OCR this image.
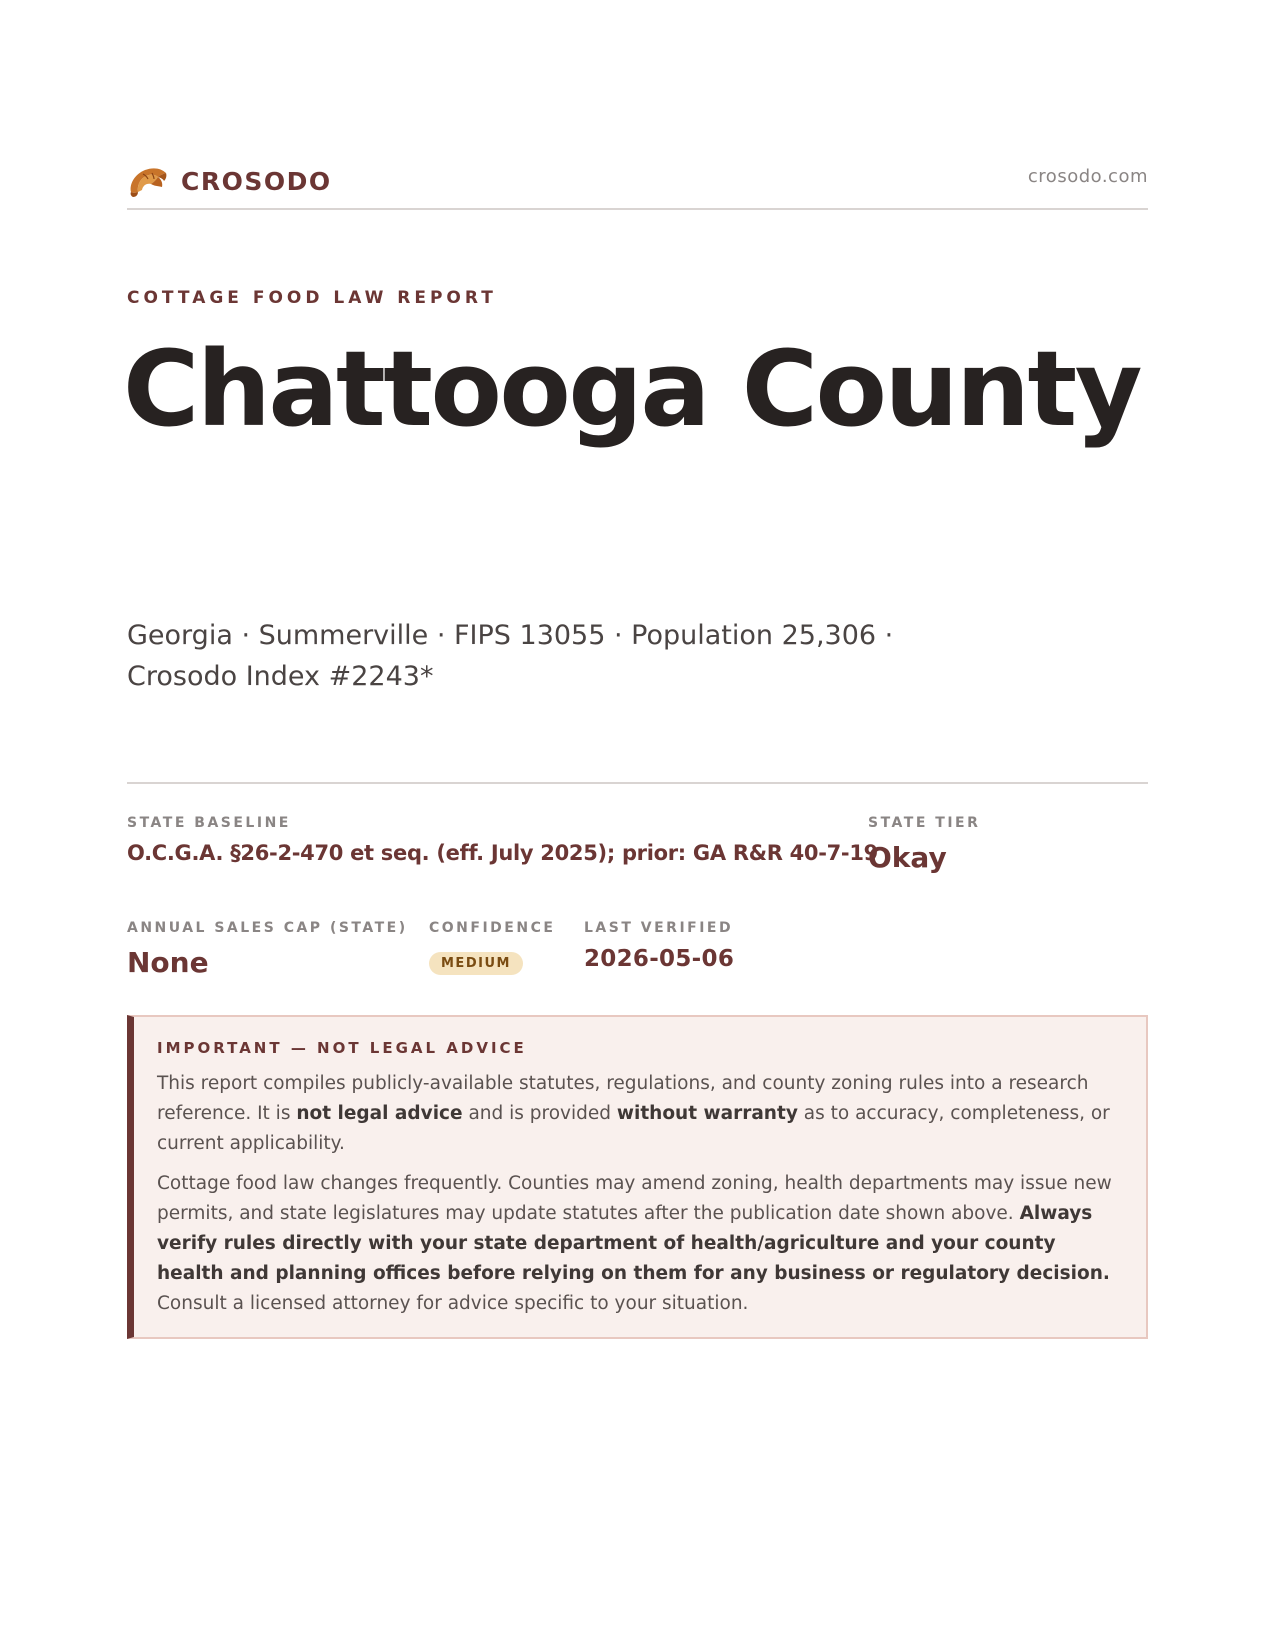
CROSODO	crosodo.com
COTTAGE FOOD LAW REPORT
Chattooga County
Georgia · Summerville · FIPS 13055 · Population 25,306 ·
Crosodo Index #2243*
STATE BASELINE
O.C.G.A. §26-2-470 et seq. (eff. July 2025); prior: GA R&R 40-7-19
STATE TIER
Okay
ANNUAL SALES CAP (STATE)
None
CONFIDENCE
MEDIUM
LAST VERIFIED
2026-05-06
IMPORTANT — NOT LEGAL ADVICE

This report compiles publicly-available statutes, regulations, and county zoning rules into a research reference. It is not legal advice and is provided without warranty as to accuracy, completeness, or current applicability.

Cottage food law changes frequently. Counties may amend zoning, health departments may issue new permits, and state legislatures may update statutes after the publication date shown above. Always verify rules directly with your state department of health/agriculture and your county health and planning offices before relying on them for any business or regulatory decision. Consult a licensed attorney for advice specific to your situation.
